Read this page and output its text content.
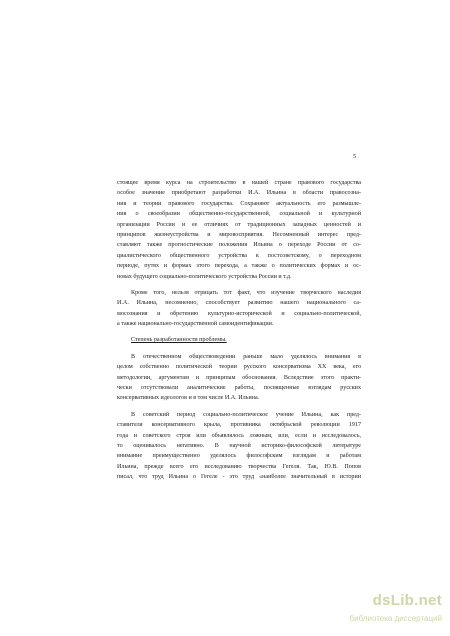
5
стоящее время курса на строительство в нашей стране правового государства
особое значение приобретают разработки И.А. Ильина в области правосозна-
ния и теории правового государства. Сохраняют актуальность его размышле-
ния о своеобразии общественно-государственной, социальной и культурной
организации России и ее отличиях от традиционных западных ценностей и
принципов жизнеустройства и мировосприятия. Несомненный интерес пред-
ставляют также прогностические положения Ильина о переходе России от со-
циалистического общественного устройства к постсоветскому, о переходном
периоде, путях и формах этого перехода, а также о политических формах и ос-
новах будущего социально-политического устройства России и т.д.
Кроме того, нельзя отрицать тот факт, что изучение творческого наследия
И.А. Ильина, несомненно, способствует развитию нашего национального са-
мосознания и обретению культурно-исторической и социально-политической,
а также национально-государственной самоидентификации.
Степень разработанности проблемы.
В отечественном обществоведении раньше мало уделялось внимания в
целом собственно политической теории русского консерватизма XX века, его
методологии, аргументам и принципам обоснования. Вследствие этого практи-
чески отсутствовали аналитические работы, посвященные взглядам русских
консервативных идеологов и в том числе И.А. Ильина.
В советский период социально-политическое учение Ильина, как пред-
ставителя консервативного крыла, противника октябрьской революции 1917
года и советского строя или объявлялось ложным, или, если и исследовалось,
то оценивалось негативно. В научной историко-философской литературе
внимание преимущественно уделялось философским взглядам и работам
Ильина, прежде всего его исследованию творчества Гегеля. Так, Ю.В. Попов
писал, что труд Ильина о Гегеле - это труд «наиболее значительный в истории
dsLib.net
библиотека диссертаций
